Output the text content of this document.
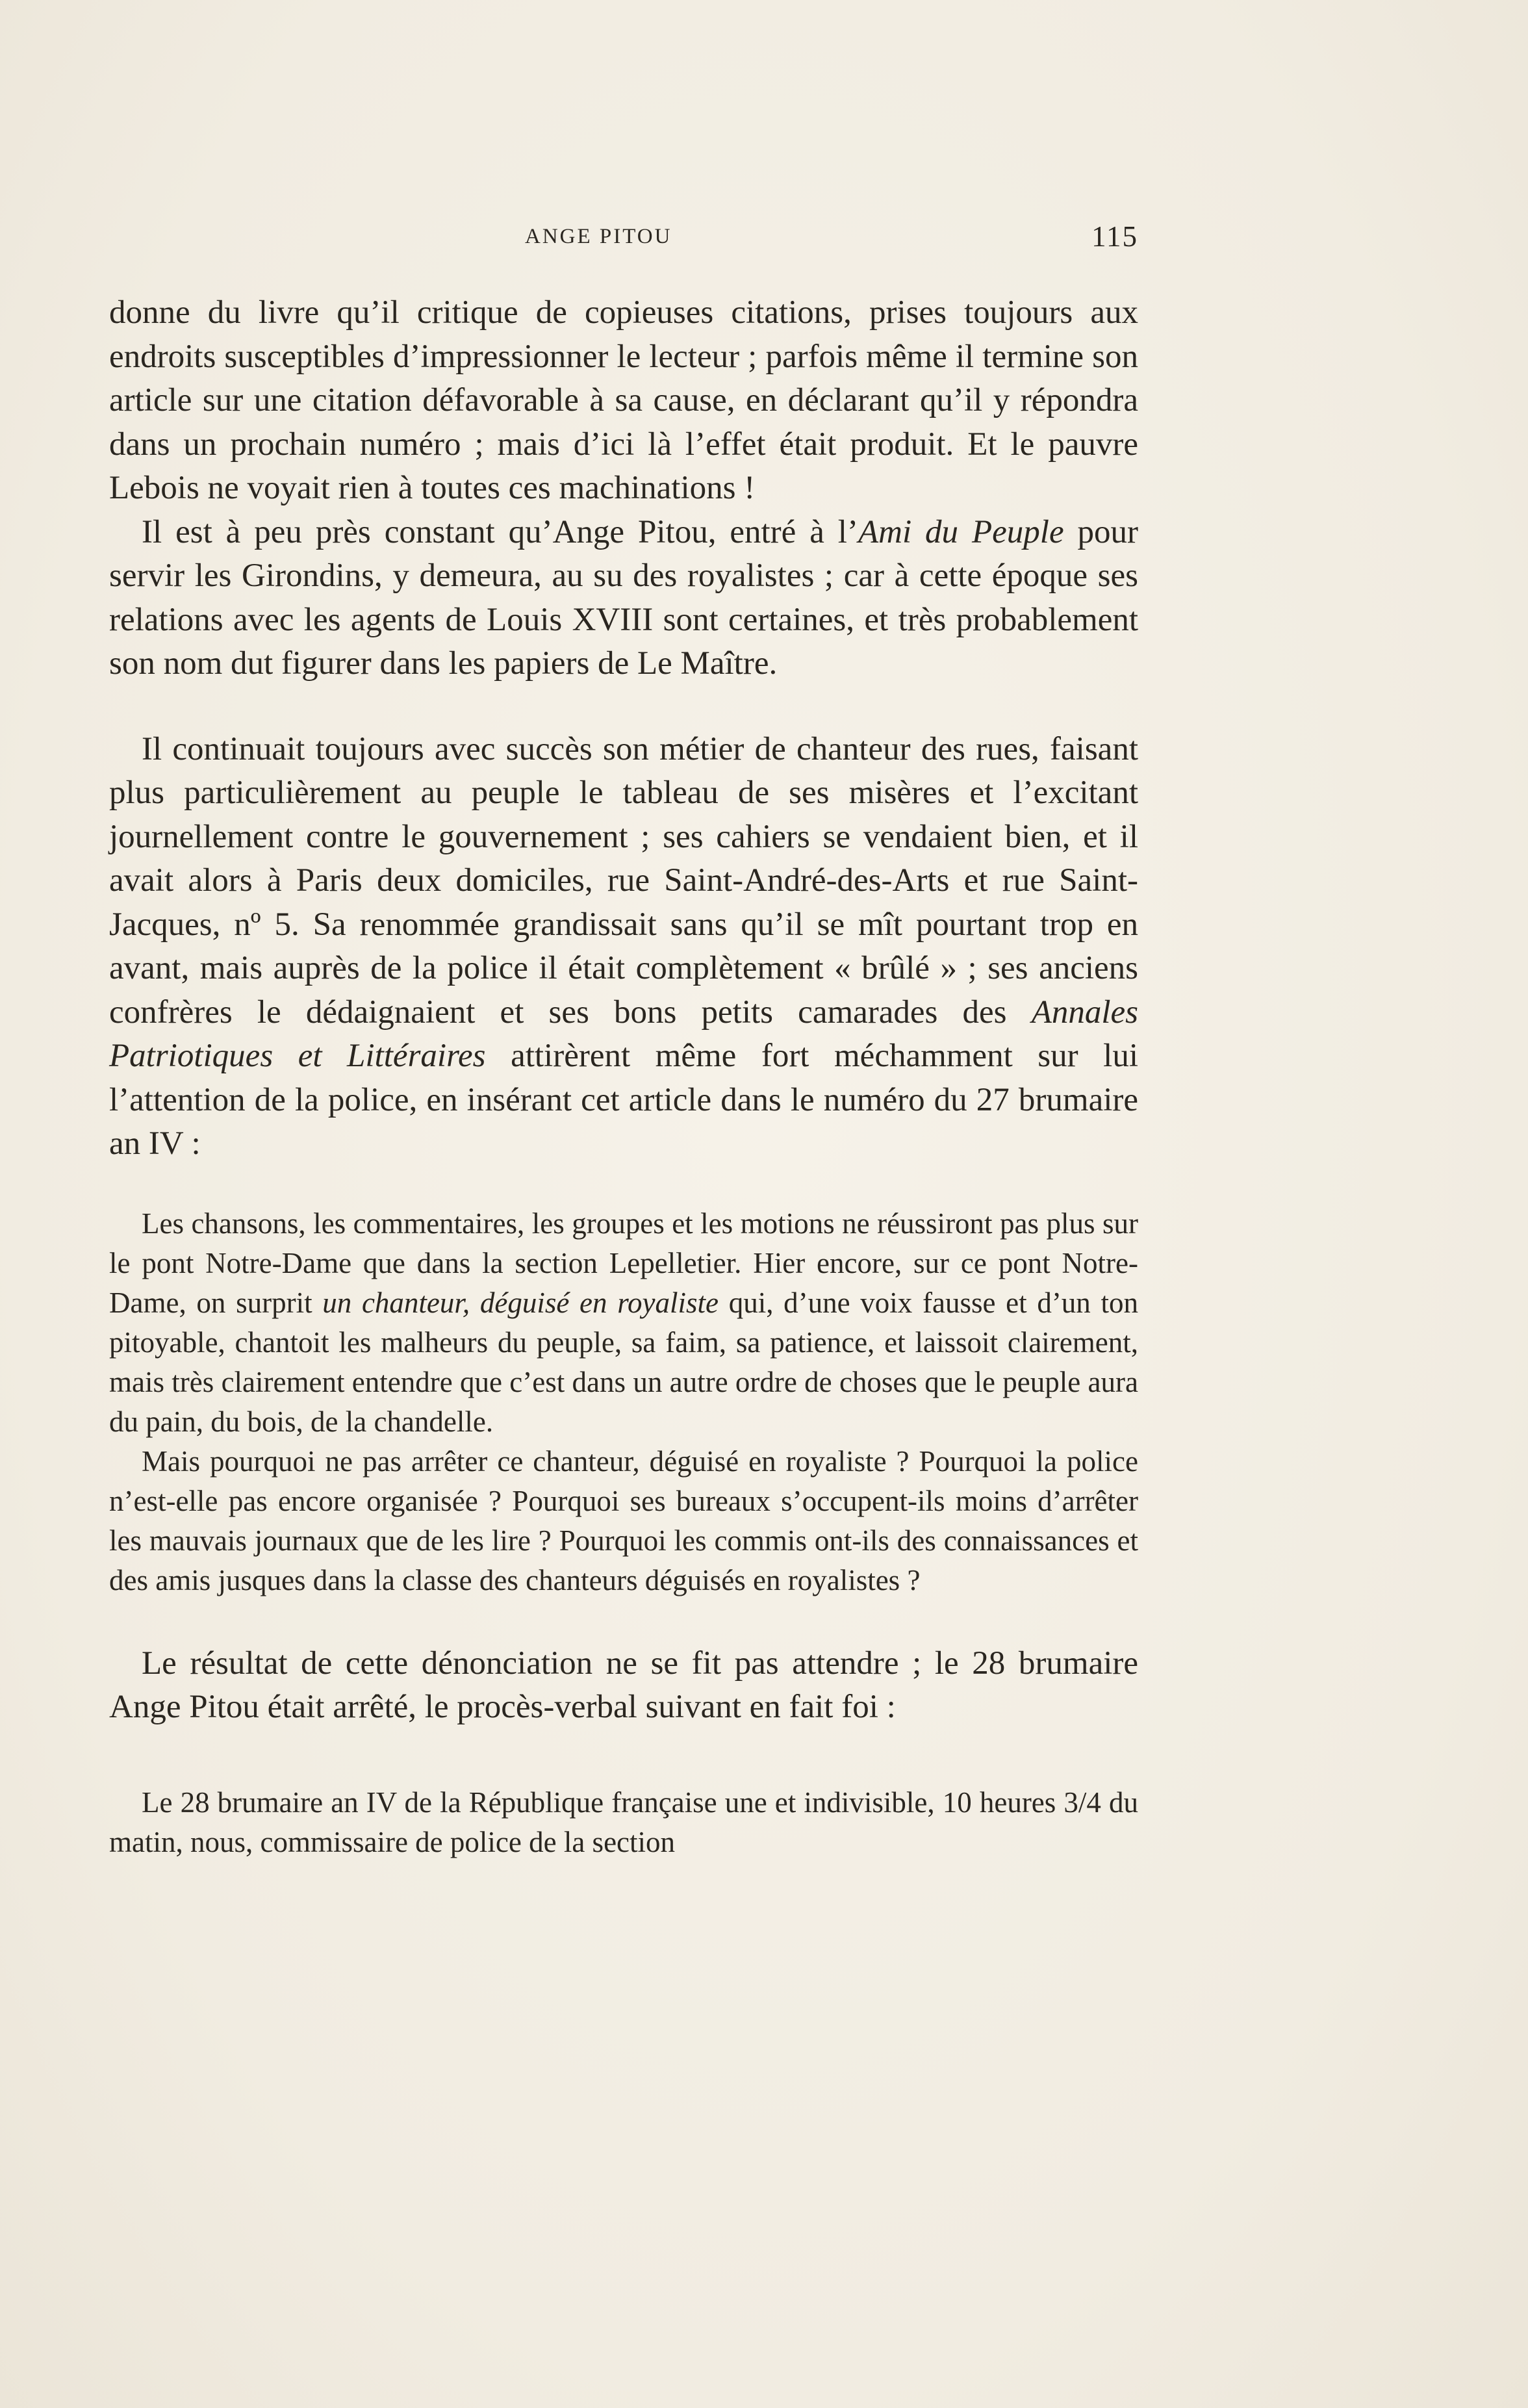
ANGE PITOU	115

donne du livre qu’il critique de copieuses citations, prises toujours aux endroits susceptibles d’impressionner le lecteur ; parfois même il termine son article sur une citation défavorable à sa cause, en déclarant qu’il y répondra dans un prochain numéro ; mais d’ici là l’effet était produit. Et le pauvre Lebois ne voyait rien à toutes ces machinations !

Il est à peu près constant qu’Ange Pitou, entré à l’Ami du Peuple pour servir les Girondins, y demeura, au su des royalistes ; car à cette époque ses relations avec les agents de Louis XVIII sont certaines, et très probablement son nom dut figurer dans les papiers de Le Maître.

Il continuait toujours avec succès son métier de chanteur des rues, faisant plus particulièrement au peuple le tableau de ses misères et l’excitant journellement contre le gouvernement ; ses cahiers se vendaient bien, et il avait alors à Paris deux domiciles, rue Saint-André-des-Arts et rue Saint-Jacques, nº 5. Sa renommée grandissait sans qu’il se mît pourtant trop en avant, mais auprès de la police il était complètement « brûlé » ; ses anciens confrères le dédaignaient et ses bons petits camarades des Annales Patriotiques et Littéraires attirèrent même fort méchamment sur lui l’attention de la police, en insérant cet article dans le numéro du 27 brumaire an IV :

Les chansons, les commentaires, les groupes et les motions ne réussiront pas plus sur le pont Notre-Dame que dans la section Lepelletier. Hier encore, sur ce pont Notre-Dame, on surprit un chanteur, déguisé en royaliste qui, d’une voix fausse et d’un ton pitoyable, chantoit les malheurs du peuple, sa faim, sa patience, et laissoit clairement, mais très clairement entendre que c’est dans un autre ordre de choses que le peuple aura du pain, du bois, de la chandelle.

Mais pourquoi ne pas arrêter ce chanteur, déguisé en royaliste ? Pourquoi la police n’est-elle pas encore organisée ? Pourquoi ses bureaux s’occupent-ils moins d’arrêter les mauvais journaux que de les lire ? Pourquoi les commis ont-ils des connaissances et des amis jusques dans la classe des chanteurs déguisés en royalistes ?

Le résultat de cette dénonciation ne se fit pas attendre ; le 28 brumaire Ange Pitou était arrêté, le procès-verbal suivant en fait foi :

Le 28 brumaire an IV de la République française une et indivisible, 10 heures 3/4 du matin, nous, commissaire de police de la section
